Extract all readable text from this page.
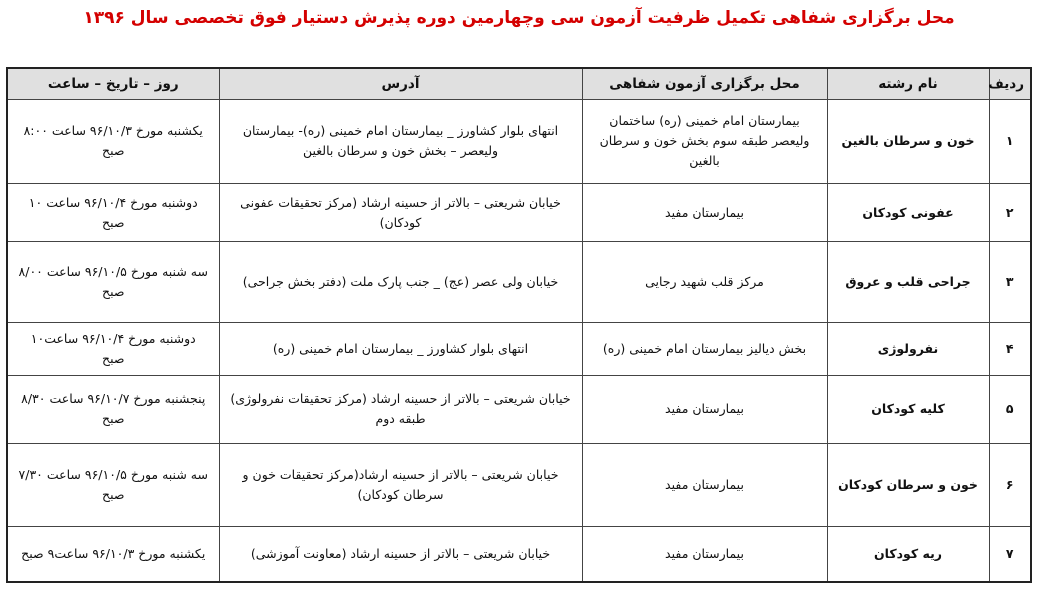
محل برگزاری شفاهی تکمیل ظرفیت آزمون سی وچهارمین دوره پذیرش دستیار فوق تخصصی سال ۱۳۹۶
ردیف	نام رشته	محل برگزاری آزمون شفاهی	آدرس	روز – تاریخ – ساعت
۱	خون و سرطان بالغین	بیمارستان امام خمینی (ره) ساختمان ولیعصر طبقه سوم بخش خون و سرطان بالغین	انتهای بلوار کشاورز _ بیمارستان امام خمینی (ره)- بیمارستان ولیعصر – بخش خون و سرطان بالغین	یکشنبه مورخ ۹۶/۱۰/۳ ساعت ۸:۰۰ صبح
۲	عفونی کودکان	بیمارستان مفید	خیابان شریعتی – بالاتر از حسینه ارشاد (مرکز تحقیقات عفونی کودکان)	دوشنبه مورخ ۹۶/۱۰/۴ ساعت ۱۰ صبح
۳	جراحی قلب و عروق	مرکز قلب شهید رجایی	خیابان ولی عصر (عج) _ جنب پارک ملت (دفتر بخش جراحی)	سه شنبه مورخ ۹۶/۱۰/۵ ساعت ۸/۰۰ صبح
۴	نفرولوژی	بخش دیالیز بیمارستان امام خمینی (ره)	انتهای بلوار کشاورز _ بیمارستان امام خمینی (ره)	دوشنبه مورخ ۹۶/۱۰/۴ ساعت۱۰ صبح
۵	کلیه کودکان	بیمارستان مفید	خیابان شریعتی – بالاتر از حسینه ارشاد (مرکز تحقیقات نفرولوژی) طبقه دوم	پنجشنبه مورخ ۹۶/۱۰/۷ ساعت ۸/۳۰ صبح
۶	خون و سرطان کودکان	بیمارستان مفید	خیابان شریعتی – بالاتر از حسینه ارشاد(مرکز تحقیقات خون و سرطان کودکان)	سه شنبه مورخ ۹۶/۱۰/۵ ساعت ۷/۳۰ صبح
۷	ریه کودکان	بیمارستان مفید	خیابان شریعتی – بالاتر از حسینه ارشاد (معاونت آموزشی)	یکشنبه مورخ ۹۶/۱۰/۳ ساعت۹ صبح
